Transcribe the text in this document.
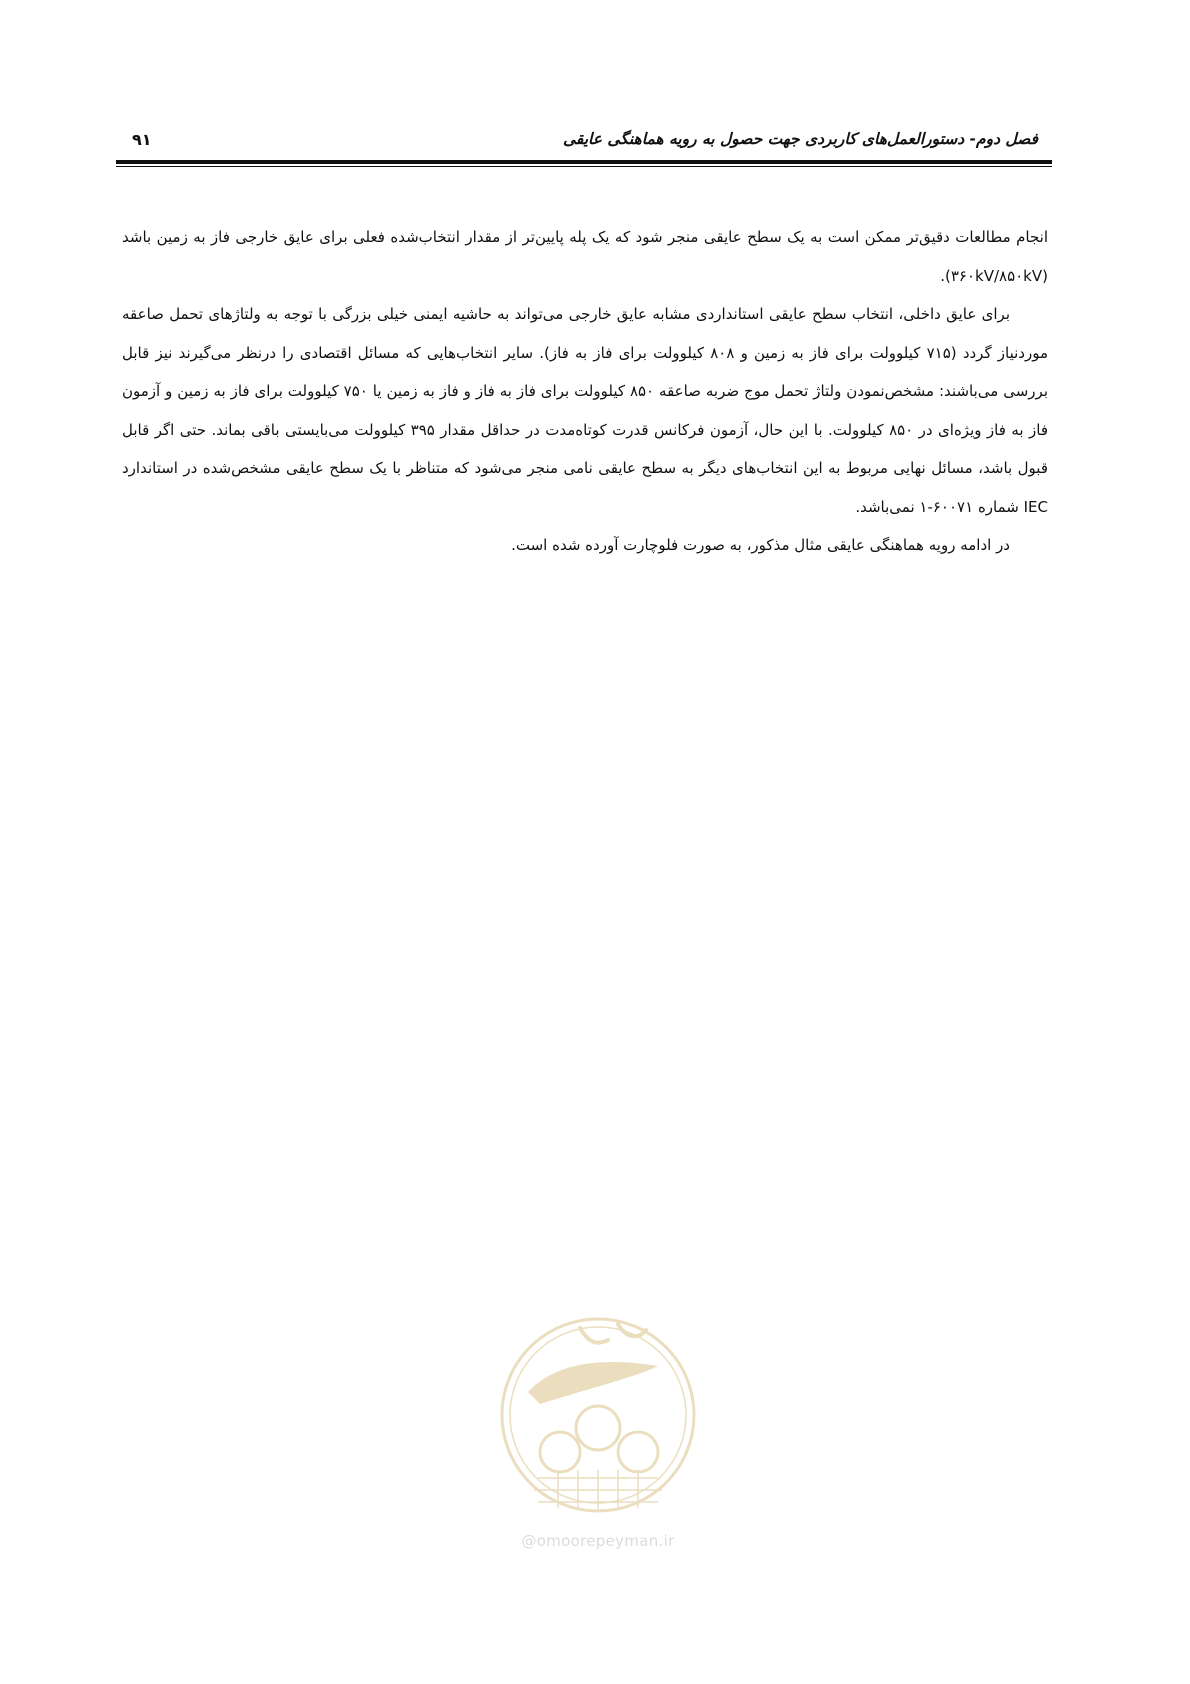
فصل دوم- دستورالعمل‌های کاربردی جهت حصول به رویه هماهنگی عایقی
۹۱

انجام مطالعات دقیق‌تر ممکن است به یک سطح عایقی منجر شود که یک پله پایین‌تر از مقدار انتخاب‌شده فعلی برای عایق خارجی فاز به زمین باشد (۳۶۰kV/۸۵۰kV).

برای عایق داخلی، انتخاب سطح عایقی استانداردی مشابه عایق خارجی می‌تواند به حاشیه ایمنی خیلی بزرگی با توجه به ولتاژهای تحمل صاعقه موردنیاز گردد (۷۱۵ کیلوولت برای فاز به زمین و ۸۰۸ کیلوولت برای فاز به فاز). سایر انتخاب‌هایی که مسائل اقتصادی را درنظر می‌گیرند نیز قابل بررسی می‌باشند: مشخص‌نمودن ولتاژ تحمل موج ضربه صاعقه ۸۵۰ کیلوولت برای فاز به فاز و فاز به زمین یا ۷۵۰ کیلوولت برای فاز به زمین و آزمون فاز به فاز ویژه‌ای در ۸۵۰ کیلوولت. با این حال، آزمون فرکانس قدرت کوتاه‌مدت در حداقل مقدار ۳۹۵ کیلوولت می‌بایستی باقی بماند. حتی اگر قابل قبول باشد، مسائل نهایی مربوط به این انتخاب‌های دیگر به سطح عایقی نامی منجر می‌شود که متناظر با یک سطح عایقی مشخص‌شده در استاندارد IEC شماره ۶۰۰۷۱-۱ نمی‌باشد.

در ادامه رویه هماهنگی عایقی مثال مذکور، به صورت فلوچارت آورده شده است.

@omoorepeyman.ir
